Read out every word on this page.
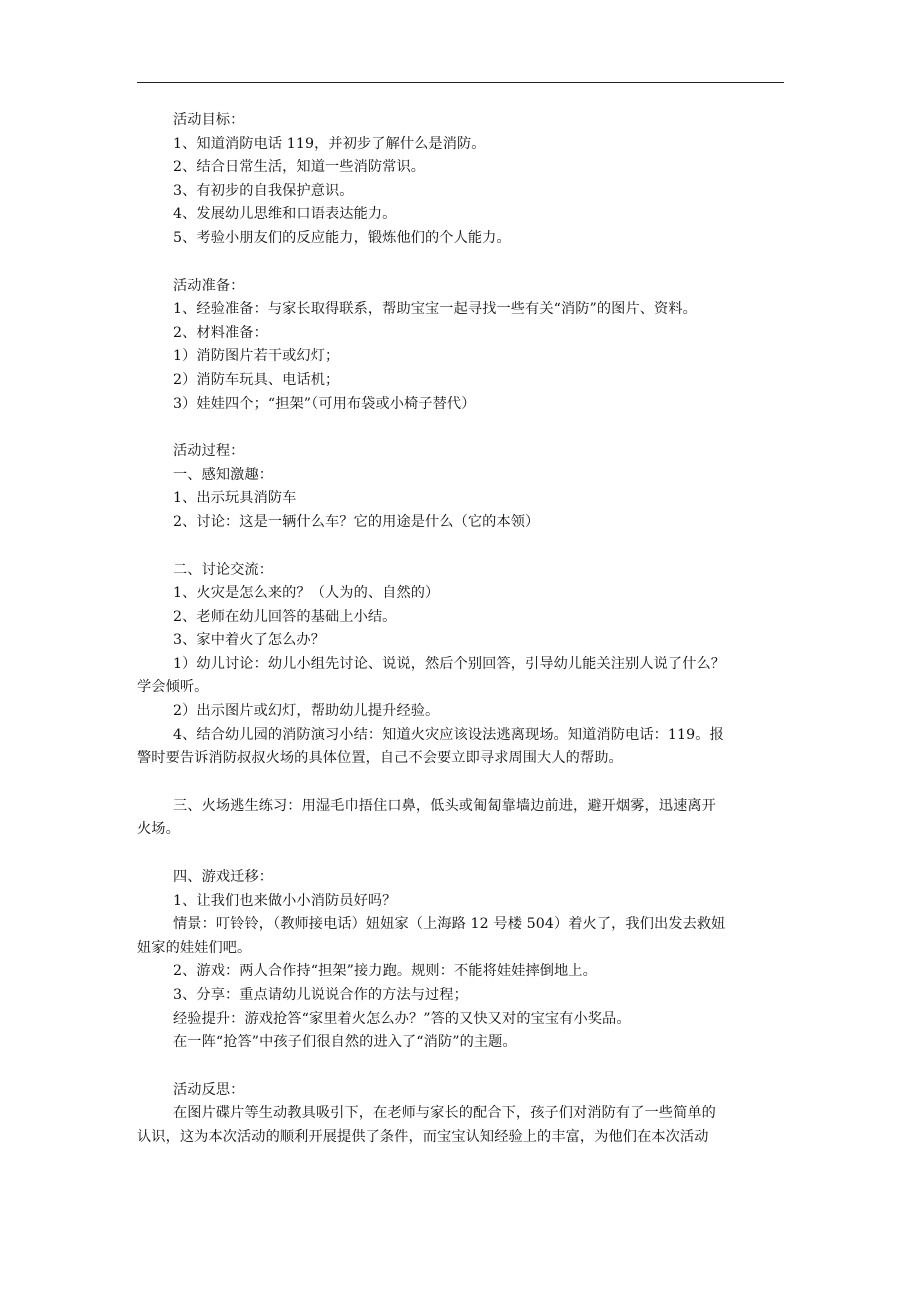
活动目标：
1、知道消防电话 119，并初步了解什么是消防。
2、结合日常生活，知道一些消防常识。
3、有初步的自我保护意识。
4、发展幼儿思维和口语表达能力。
5、考验小朋友们的反应能力，锻炼他们的个人能力。
活动准备：
1、经验准备：与家长取得联系，帮助宝宝一起寻找一些有关“消防”的图片、资料。
2、材料准备：
1）消防图片若干或幻灯；
2）消防车玩具、电话机；
3）娃娃四个；“担架”（可用布袋或小椅子替代）
活动过程：
一、感知激趣：
1、出示玩具消防车
2、讨论：这是一辆什么车？它的用途是什么（它的本领）
二、讨论交流：
1、火灾是怎么来的？（人为的、自然的）
2、老师在幼儿回答的基础上小结。
3、家中着火了怎么办？
1）幼儿讨论：幼儿小组先讨论、说说，然后个别回答，引导幼儿能关注别人说了什么？
学会倾听。
2）出示图片或幻灯，帮助幼儿提升经验。
4、结合幼儿园的消防演习小结：知道火灾应该设法逃离现场。知道消防电话：119。报
警时要告诉消防叔叔火场的具体位置，自己不会要立即寻求周围大人的帮助。
三、火场逃生练习：用湿毛巾捂住口鼻，低头或匍匐靠墙边前进，避开烟雾，迅速离开
火场。
四、游戏迁移：
1、让我们也来做小小消防员好吗？
情景：叮铃铃，（教师接电话）妞妞家（上海路 12 号楼 504）着火了，我们出发去救妞
妞家的娃娃们吧。
2、游戏：两人合作持“担架”接力跑。规则：不能将娃娃摔倒地上。
3、分享：重点请幼儿说说合作的方法与过程；
经验提升：游戏抢答“家里着火怎么办？”答的又快又对的宝宝有小奖品。
在一阵“抢答”中孩子们很自然的进入了“消防”的主题。
活动反思：
在图片碟片等生动教具吸引下，在老师与家长的配合下，孩子们对消防有了一些简单的
认识，这为本次活动的顺利开展提供了条件，而宝宝认知经验上的丰富，为他们在本次活动
